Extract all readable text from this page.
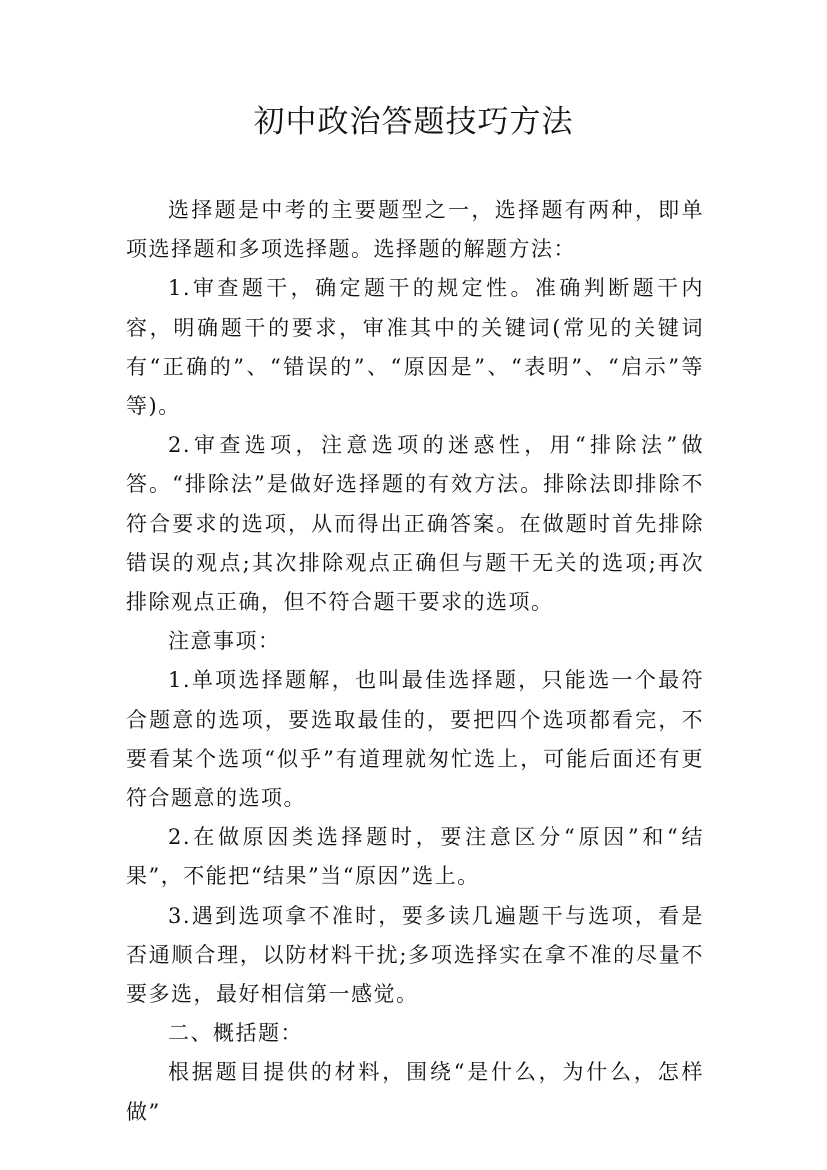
初中政治答题技巧方法

选择题是中考的主要题型之一，选择题有两种，即单项选择题和多项选择题。选择题的解题方法：

1.审查题干，确定题干的规定性。准确判断题干内容，明确题干的要求，审准其中的关键词(常见的关键词有“正确的”、“错误的”、“原因是”、“表明”、“启示”等等)。

2.审查选项，注意选项的迷惑性，用“排除法”做答。“排除法”是做好选择题的有效方法。排除法即排除不符合要求的选项，从而得出正确答案。在做题时首先排除错误的观点;其次排除观点正确但与题干无关的选项;再次排除观点正确，但不符合题干要求的选项。

注意事项：

1.单项选择题解，也叫最佳选择题，只能选一个最符合题意的选项，要选取最佳的，要把四个选项都看完，不要看某个选项“似乎”有道理就匆忙选上，可能后面还有更符合题意的选项。

2.在做原因类选择题时，要注意区分“原因”和“结果”，不能把“结果”当“原因”选上。

3.遇到选项拿不准时，要多读几遍题干与选项，看是否通顺合理，以防材料干扰;多项选择实在拿不准的尽量不要多选，最好相信第一感觉。

二、概括题：

根据题目提供的材料，围绕“是什么，为什么，怎样做”
